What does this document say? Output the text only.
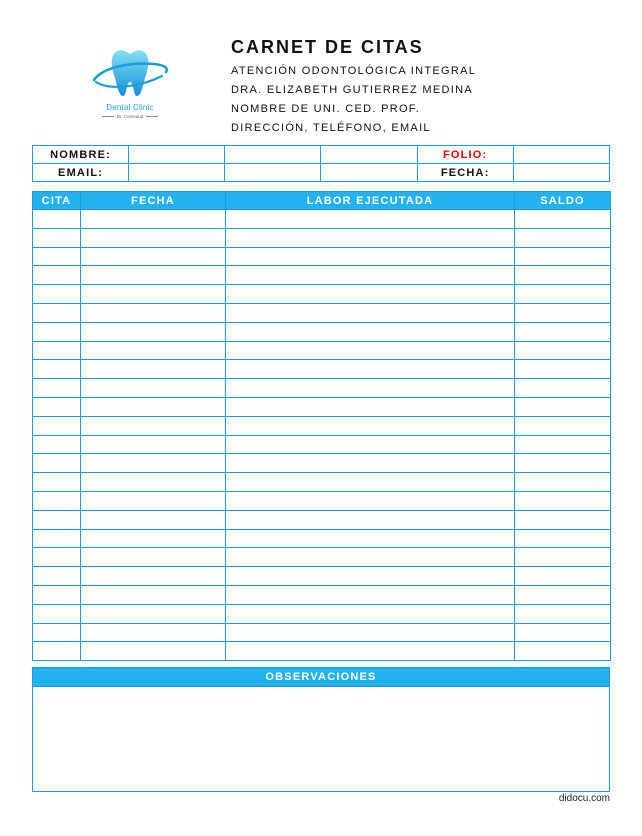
Dental Clinic
Dr. Comeaud
CARNET DE CITAS
ATENCIÓN ODONTOLÓGICA INTEGRAL
DRA. ELIZABETH GUTIERREZ MEDINA
NOMBRE DE UNI. CED. PROF.
DIRECCIÓN, TELÉFONO, EMAIL
NOMBRE:				FOLIO:	
EMAIL:				FECHA:	
CITA	FECHA	LABOR EJECUTADA	SALDO

OBSERVACIONES
didocu.com
